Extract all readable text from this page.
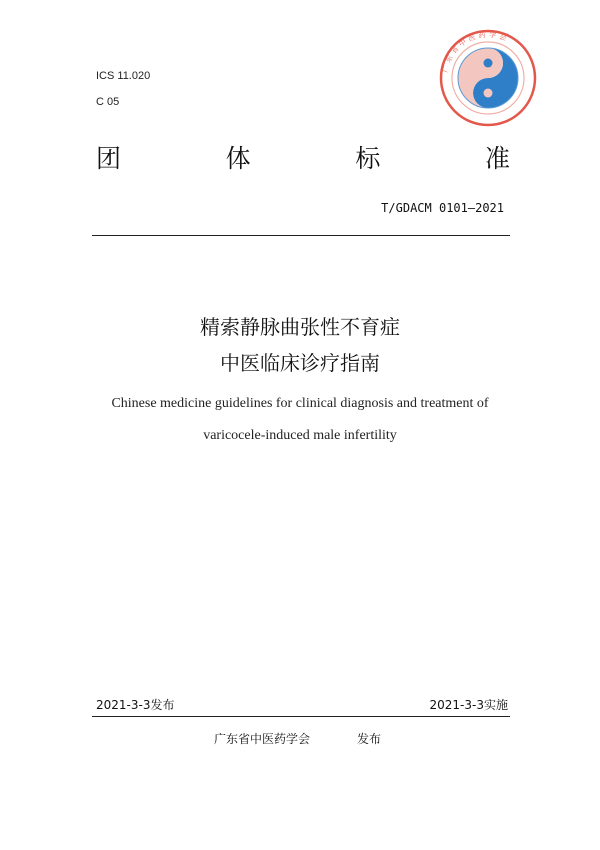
ICS 11.020
C 05
广东省中医药学会
团	体	标	准
T/GDACM 0101—2021
精索静脉曲张性不育症
中医临床诊疗指南
Chinese medicine guidelines for clinical diagnosis and treatment of
varicocele-induced male infertility
2021-3-3发布	2021-3-3实施
广东省中医药学会	发布
